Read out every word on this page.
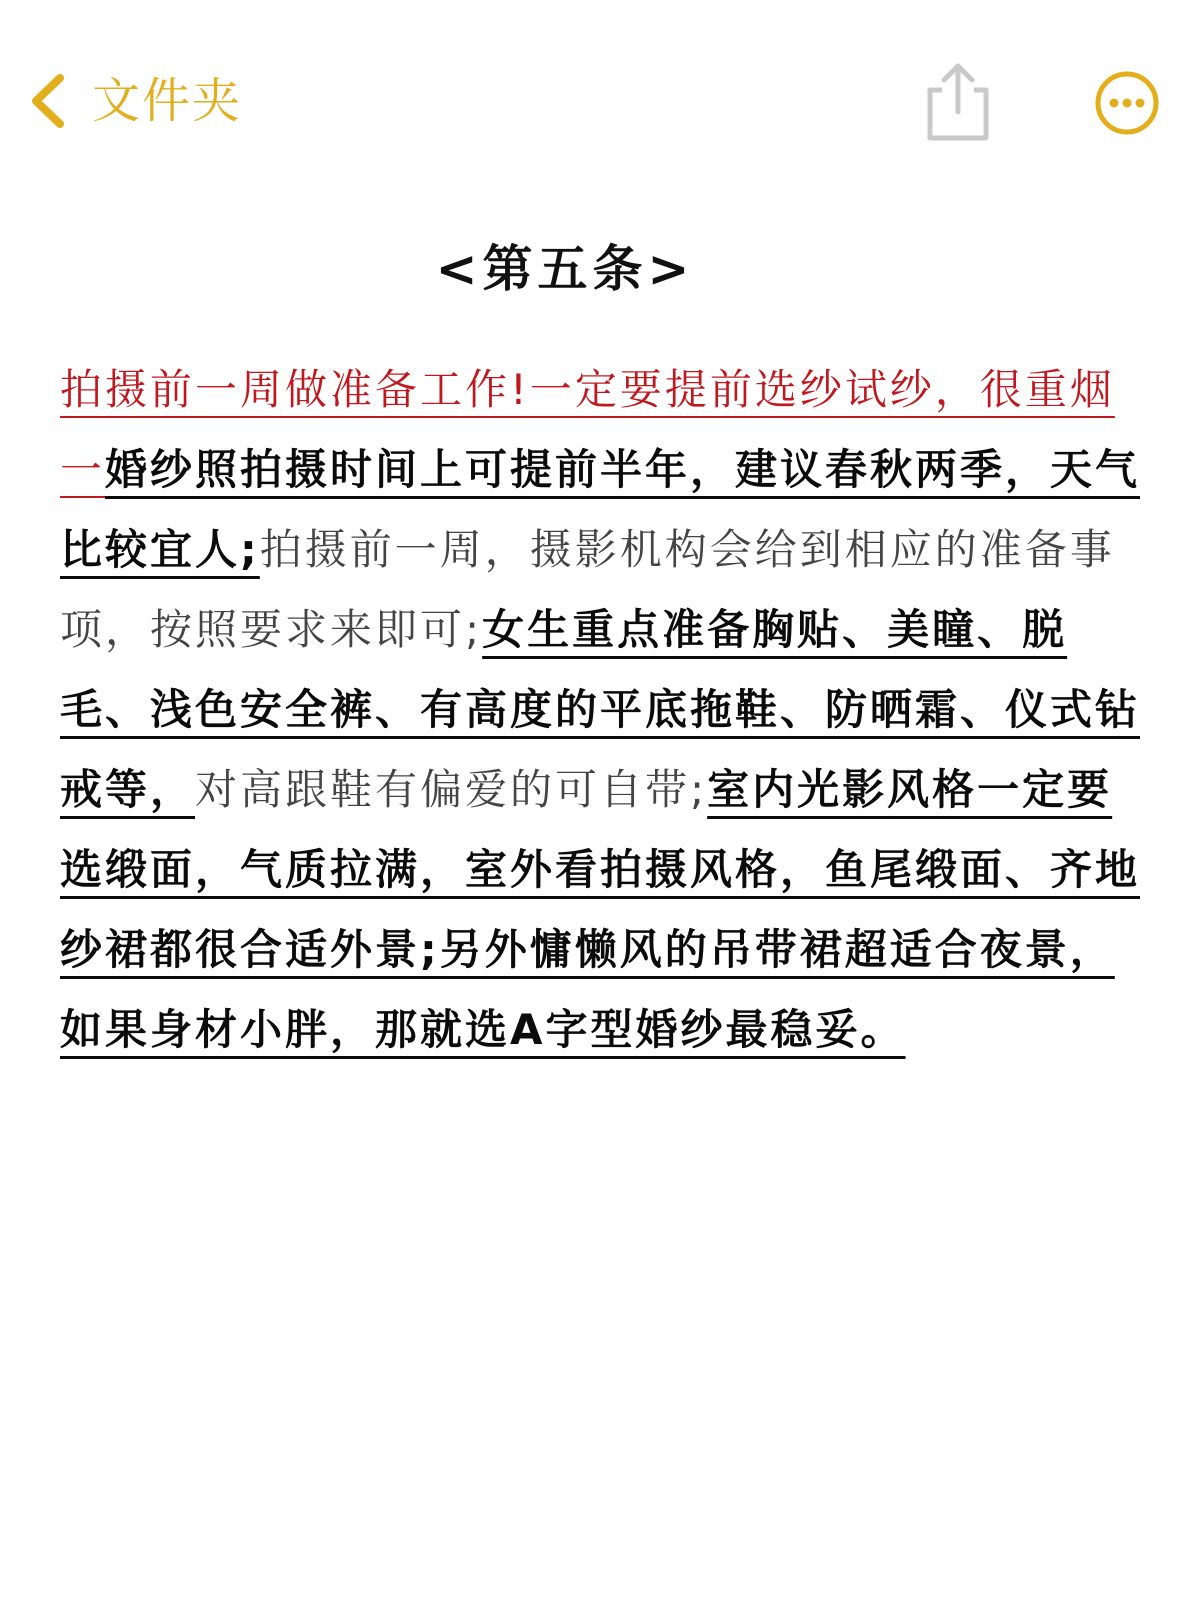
文件夹
<第五条>
拍摄前一周做准备工作!一定要提前选纱试纱，很重烟一婚纱照拍摄时间上可提前半年，建议春秋两季，天气比较宜人;拍摄前一周，摄影机构会给到相应的准备事项，按照要求来即可;女生重点准备胸贴、美瞳、脱毛、浅色安全裤、有高度的平底拖鞋、防晒霜、仪式钻戒等，对高跟鞋有偏爱的可自带;室内光影风格一定要选缎面，气质拉满，室外看拍摄风格，鱼尾缎面、齐地纱裙都很合适外景;另外慵懒风的吊带裙超适合夜景，如果身材小胖，那就选A字型婚纱最稳妥。
